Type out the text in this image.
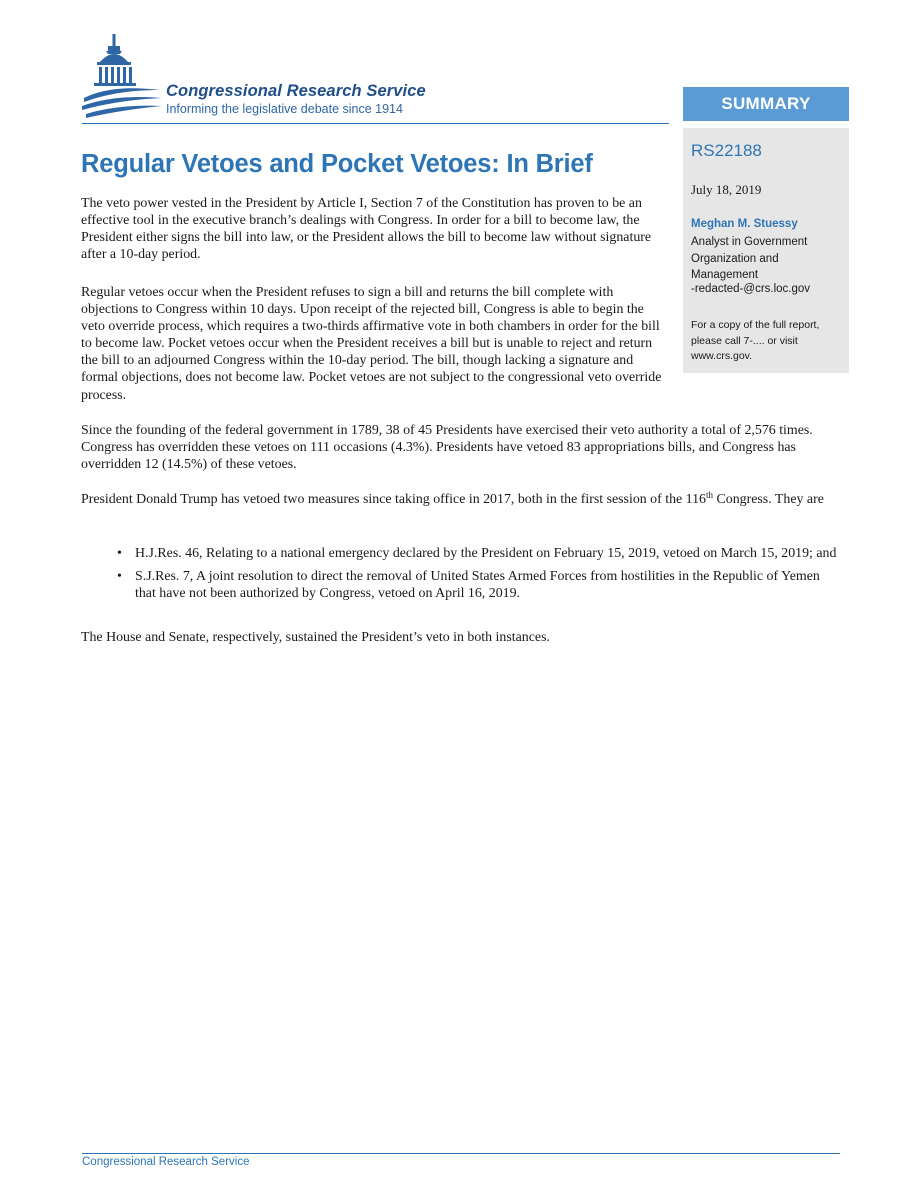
Congressional Research Service
Informing the legislative debate since 1914	SUMMARY
RS22188
July 18, 2019
Meghan M. Stuessy
Analyst in Government Organization and Management
-redacted-@crs.loc.gov
For a copy of the full report, please call 7-.... or visit www.crs.gov.
Regular Vetoes and Pocket Vetoes: In Brief

The veto power vested in the President by Article I, Section 7 of the Constitution has proven to be an effective tool in the executive branch’s dealings with Congress. In order for a bill to become law, the President either signs the bill into law, or the President allows the bill to become law without signature after a 10-day period.

Regular vetoes occur when the President refuses to sign a bill and returns the bill complete with objections to Congress within 10 days. Upon receipt of the rejected bill, Congress is able to begin the veto override process, which requires a two-thirds affirmative vote in both chambers in order for the bill to become law. Pocket vetoes occur when the President receives a bill but is unable to reject and return the bill to an adjourned Congress within the 10-day period. The bill, though lacking a signature and formal objections, does not become law. Pocket vetoes are not subject to the congressional veto override process.

Since the founding of the federal government in 1789, 38 of 45 Presidents have exercised their veto authority a total of 2,576 times. Congress has overridden these vetoes on 111 occasions (4.3%). Presidents have vetoed 83 appropriations bills, and Congress has overridden 12 (14.5%) of these vetoes.

President Donald Trump has vetoed two measures since taking office in 2017, both in the first session of the 116th Congress. They are

• H.J.Res. 46, Relating to a national emergency declared by the President on February 15, 2019, vetoed on March 15, 2019; and
• S.J.Res. 7, A joint resolution to direct the removal of United States Armed Forces from hostilities in the Republic of Yemen that have not been authorized by Congress, vetoed on April 16, 2019.

The House and Senate, respectively, sustained the President’s veto in both instances.

Congressional Research Service
